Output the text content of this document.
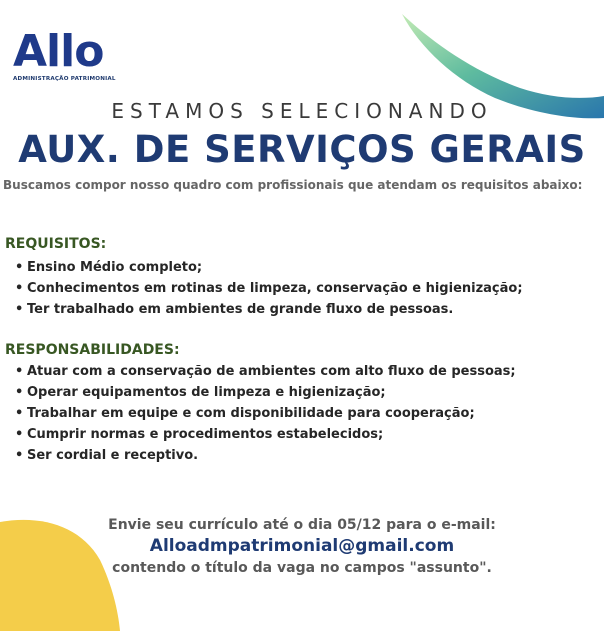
Allo
ADMINISTRAÇÃO PATRIMONIAL
ESTAMOS SELECIONANDO
AUX. DE SERVIÇOS GERAIS
Buscamos compor nosso quadro com profissionais que atendam os requisitos abaixo:
REQUISITOS:
• Ensino Médio completo;
• Conhecimentos em rotinas de limpeza, conservação e higienização;
• Ter trabalhado em ambientes de grande fluxo de pessoas.
RESPONSABILIDADES:
• Atuar com a conservação de ambientes com alto fluxo de pessoas;
• Operar equipamentos de limpeza e higienização;
• Trabalhar em equipe e com disponibilidade para cooperação;
• Cumprir normas e procedimentos estabelecidos;
• Ser cordial e receptivo.
Envie seu currículo até o dia 05/12 para o e-mail:
Alloadmpatrimonial@gmail.com
contendo o título da vaga no campos "assunto".
